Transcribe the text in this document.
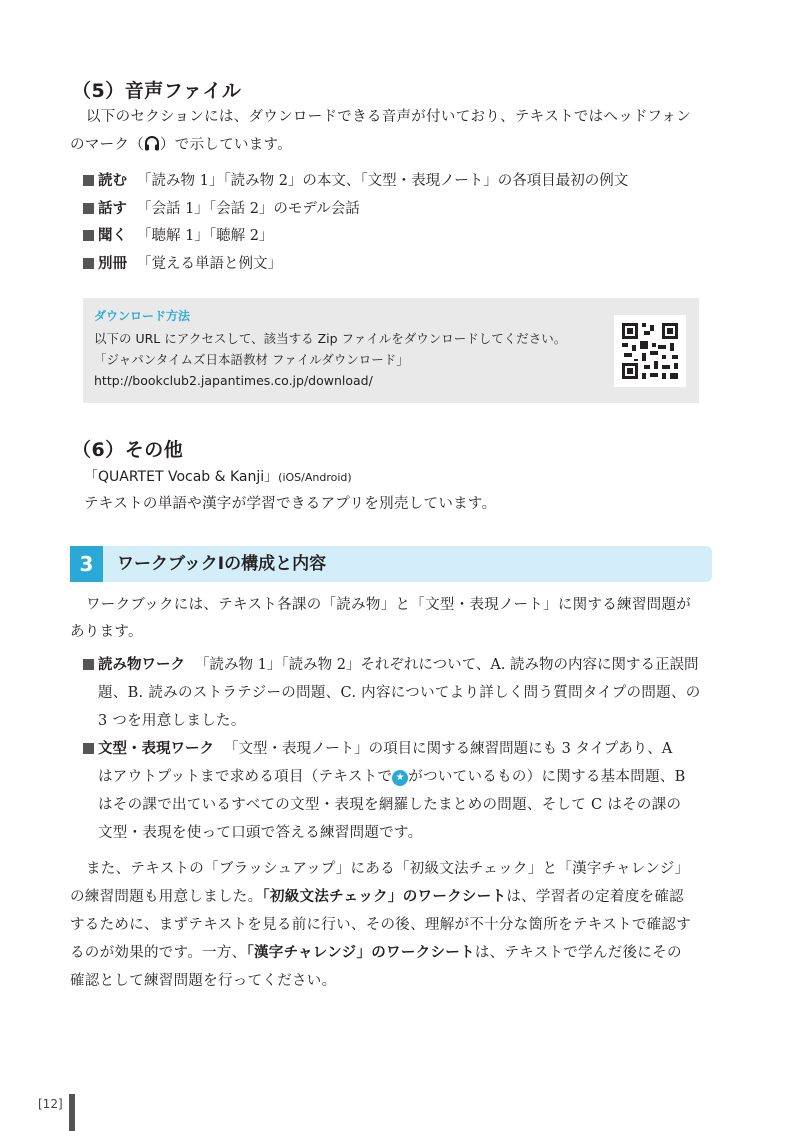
（5）音声ファイル
以下のセクションには、ダウンロードできる音声が付いており、テキストではヘッドフォン
のマーク（ ）で示しています。
読む 「読み物 1」「読み物 2」の本文、「文型・表現ノート」の各項目最初の例文
話す 「会話 1」「会話 2」のモデル会話
聞く 「聴解 1」「聴解 2」
別冊 「覚える単語と例文」
ダウンロード方法
以下の URL にアクセスして、該当する Zip ファイルをダウンロードしてください。
「ジャパンタイムズ日本語教材 ファイルダウンロード」
http://bookclub2.japantimes.co.jp/download/
（6）その他
「QUARTET Vocab & Kanji」(iOS/Android)
テキストの単語や漢字が学習できるアプリを別売しています。
3	ワークブックⅠの構成と内容
ワークブックには、テキスト各課の「読み物」と「文型・表現ノート」に関する練習問題が
あります。
読み物ワーク 「読み物 1」「読み物 2」それぞれについて、A. 読み物の内容に関する正誤問
題、B. 読みのストラテジーの問題、C. 内容についてより詳しく問う質問タイプの問題、の
3 つを用意しました。
文型・表現ワーク 「文型・表現ノート」の項目に関する練習問題にも 3 タイプあり、A
はアウトプットまで求める項目（テキストで ★ がついているもの）に関する基本問題、B
はその課で出ているすべての文型・表現を網羅したまとめの問題、そして C はその課の
文型・表現を使って口頭で答える練習問題です。
また、テキストの「ブラッシュアップ」にある「初級文法チェック」と「漢字チャレンジ」
の練習問題も用意しました。「初級文法チェック」のワークシートは、学習者の定着度を確認
するために、まずテキストを見る前に行い、その後、理解が不十分な箇所をテキストで確認す
るのが効果的です。一方、「漢字チャレンジ」のワークシートは、テキストで学んだ後にその
確認として練習問題を行ってください。
[12]
